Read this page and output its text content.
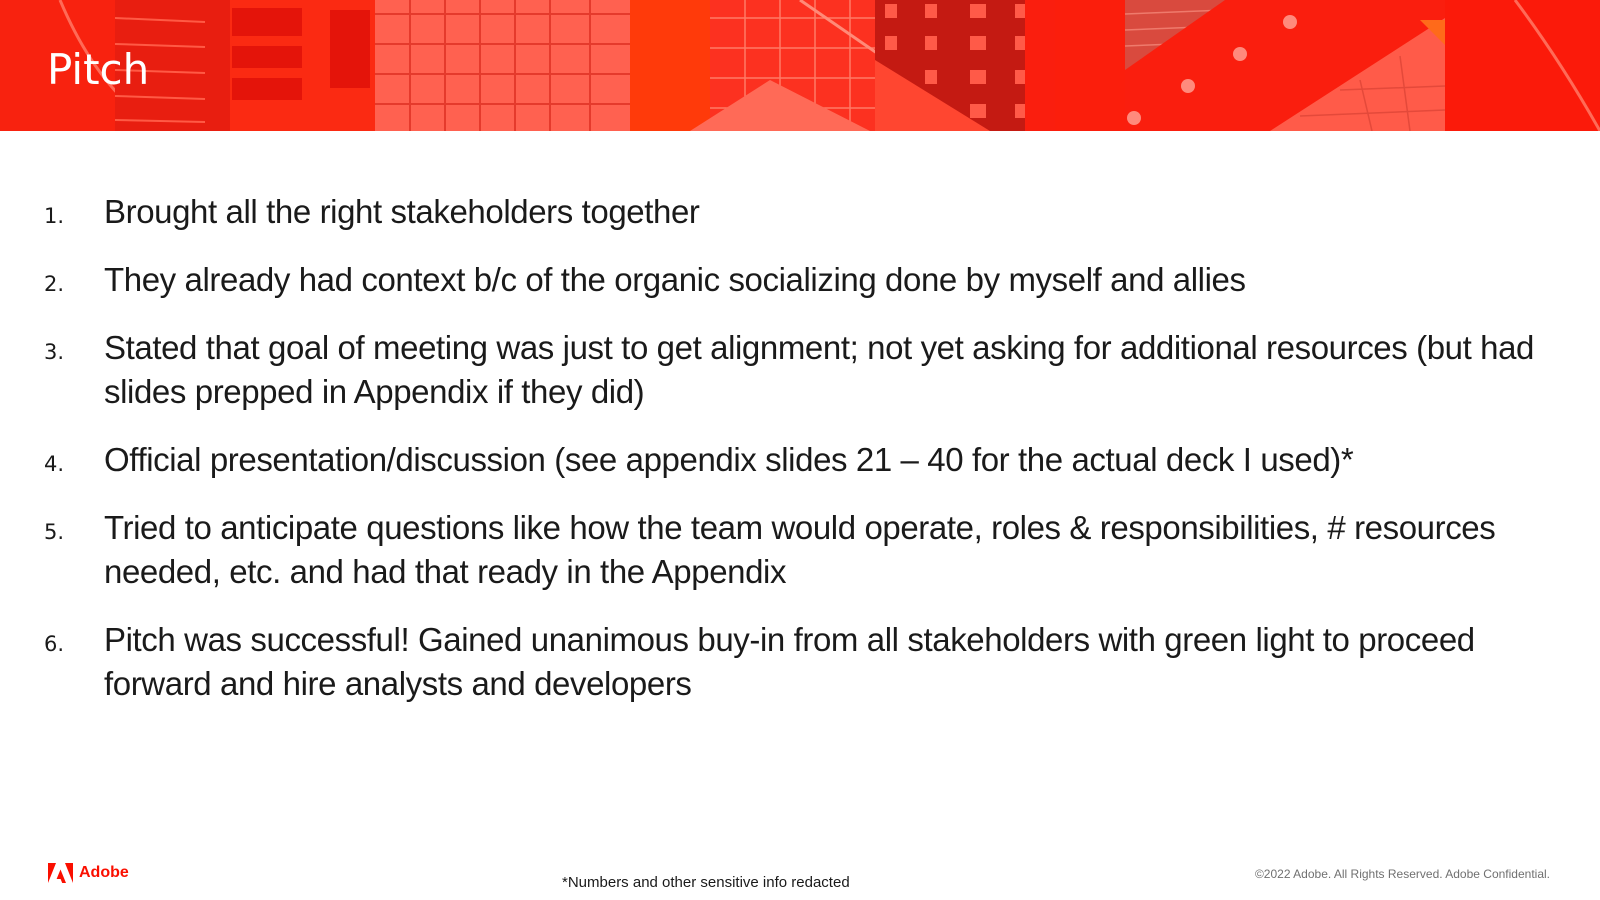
Pitch
1. Brought all the right stakeholders together
2. They already had context b/c of the organic socializing done by myself and allies
3. Stated that goal of meeting was just to get alignment; not yet asking for additional resources (but had slides prepped in Appendix if they did)
4. Official presentation/discussion (see appendix slides 21 – 40 for the actual deck I used)*
5. Tried to anticipate questions like how the team would operate, roles & responsibilities, # resources needed, etc. and had that ready in the Appendix
6. Pitch was successful! Gained unanimous buy-in from all stakeholders with green light to proceed forward and hire analysts and developers
Adobe
*Numbers and other sensitive info redacted	©2022 Adobe. All Rights Reserved. Adobe Confidential.
